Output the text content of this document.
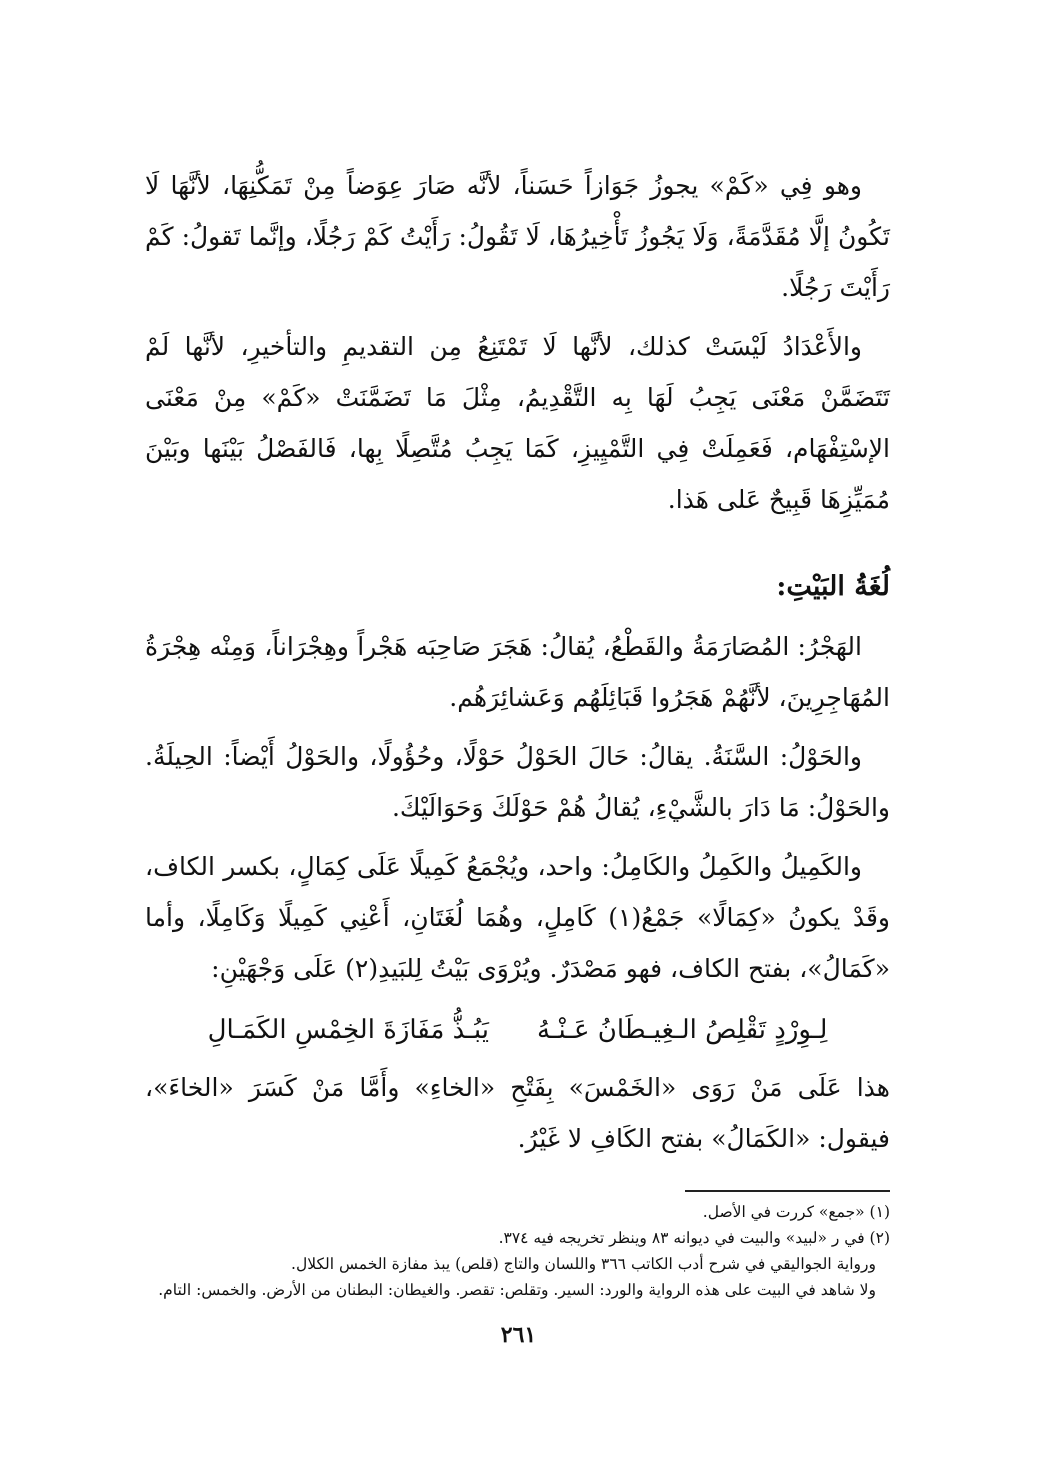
وهو فِي «كَمْ» يجوزُ جَوَازاً حَسَناً، لأنَّه صَارَ عِوَضاً مِنْ تَمَكُّنِهَا، لأنَّهَا لَا تَكُونُ إلَّا مُقَدَّمَةً، وَلَا يَجُوزُ تَأْخِيرُهَا، لَا تَقُولُ: رَأَيْتُ كَمْ رَجُلًا، وإنَّما تَقولُ: كَمْ رَأَيْتَ رَجُلًا.

والأَعْدَادُ لَيْسَتْ كذلك، لأنَّها لَا تَمْتَنِعُ مِن التقديمِ والتأخيرِ، لأنَّها لَمْ تَتَضَمَّنْ مَعْنَى يَجِبُ لَهَا بِه التَّقْدِيمُ، مِثْلَ مَا تَضَمَّنَتْ «كَمْ» مِنْ مَعْنَى الإسْتِفْهَام، فَعَمِلَتْ فِي التَّمْيِيزِ، كَمَا يَجِبُ مُتَّصِلًا بِها، فَالفَصْلُ بَيْنَها وبَيْنَ مُمَيِّزِهَا قَبِيحٌ عَلى هَذا.

لُغَةُ البَيْتِ:

الهَجْرُ: المُصَارَمَةُ والقَطْعُ، يُقالُ: هَجَرَ صَاحِبَه هَجْراً وهِجْرَاناً، وَمِنْه هِجْرَةُ المُهَاجِرِينَ، لأنَّهُمْ هَجَرُوا قَبَائِلَهُم وَعَشائِرَهُم.

والحَوْلُ: السَّنَةُ. يقالُ: حَالَ الحَوْلُ حَوْلًا، وحُؤُولًا، والحَوْلُ أَيْضاً: الحِيلَةُ. والحَوْلُ: مَا دَارَ بالشَّيْءِ، يُقالُ هُمْ حَوْلَكَ وَحَوَالَيْكَ.

والكَمِيلُ والكَمِلُ والكَامِلُ: واحد، ويُجْمَعُ كَمِيلًا عَلَى كِمَالٍ، بكسر الكاف، وقَدْ يكونُ «كِمَالًا» جَمْعُ(١) كَامِلٍ، وهُمَا لُغَتَانِ، أَعْنِي كَمِيلًا وَكَامِلًا، وأما «كَمَالُ»، بفتح الكاف، فهو مَصْدَرٌ. ويُرْوَى بَيْتُ لِلبَيدِ(٢) عَلَى وَجْهَيْنِ:

لِـوِرْدٍ تَقْلِصُ الـغِيـطَانُ عَـنْـهُ
يَبُـذُّ مَفَازَةَ الخِمْسِ الكَمَـالِ

هذا عَلَى مَنْ رَوَى «الخَمْسَ» بِفَتْحِ «الخاءِ» وأَمَّا مَنْ كَسَرَ «الخاءَ»، فيقول: «الكَمَالُ» بفتح الكَافِ لا غَيْرُ.

(١) «جمع» كررت في الأصل.

(٢) في ر «لبيد» والبيت في ديوانه ٨٣ وينظر تخريجه فيه ٣٧٤.

ورواية الجواليقي في شرح أدب الكاتب ٣٦٦ واللسان والتاج (قلص) يبذ مفازة الخمس الكلال.

ولا شاهد في البيت على هذه الرواية والورد: السير. وتقلص: تقصر. والغيطان: البطنان من الأرض. والخمس: التام.

٢٦١
